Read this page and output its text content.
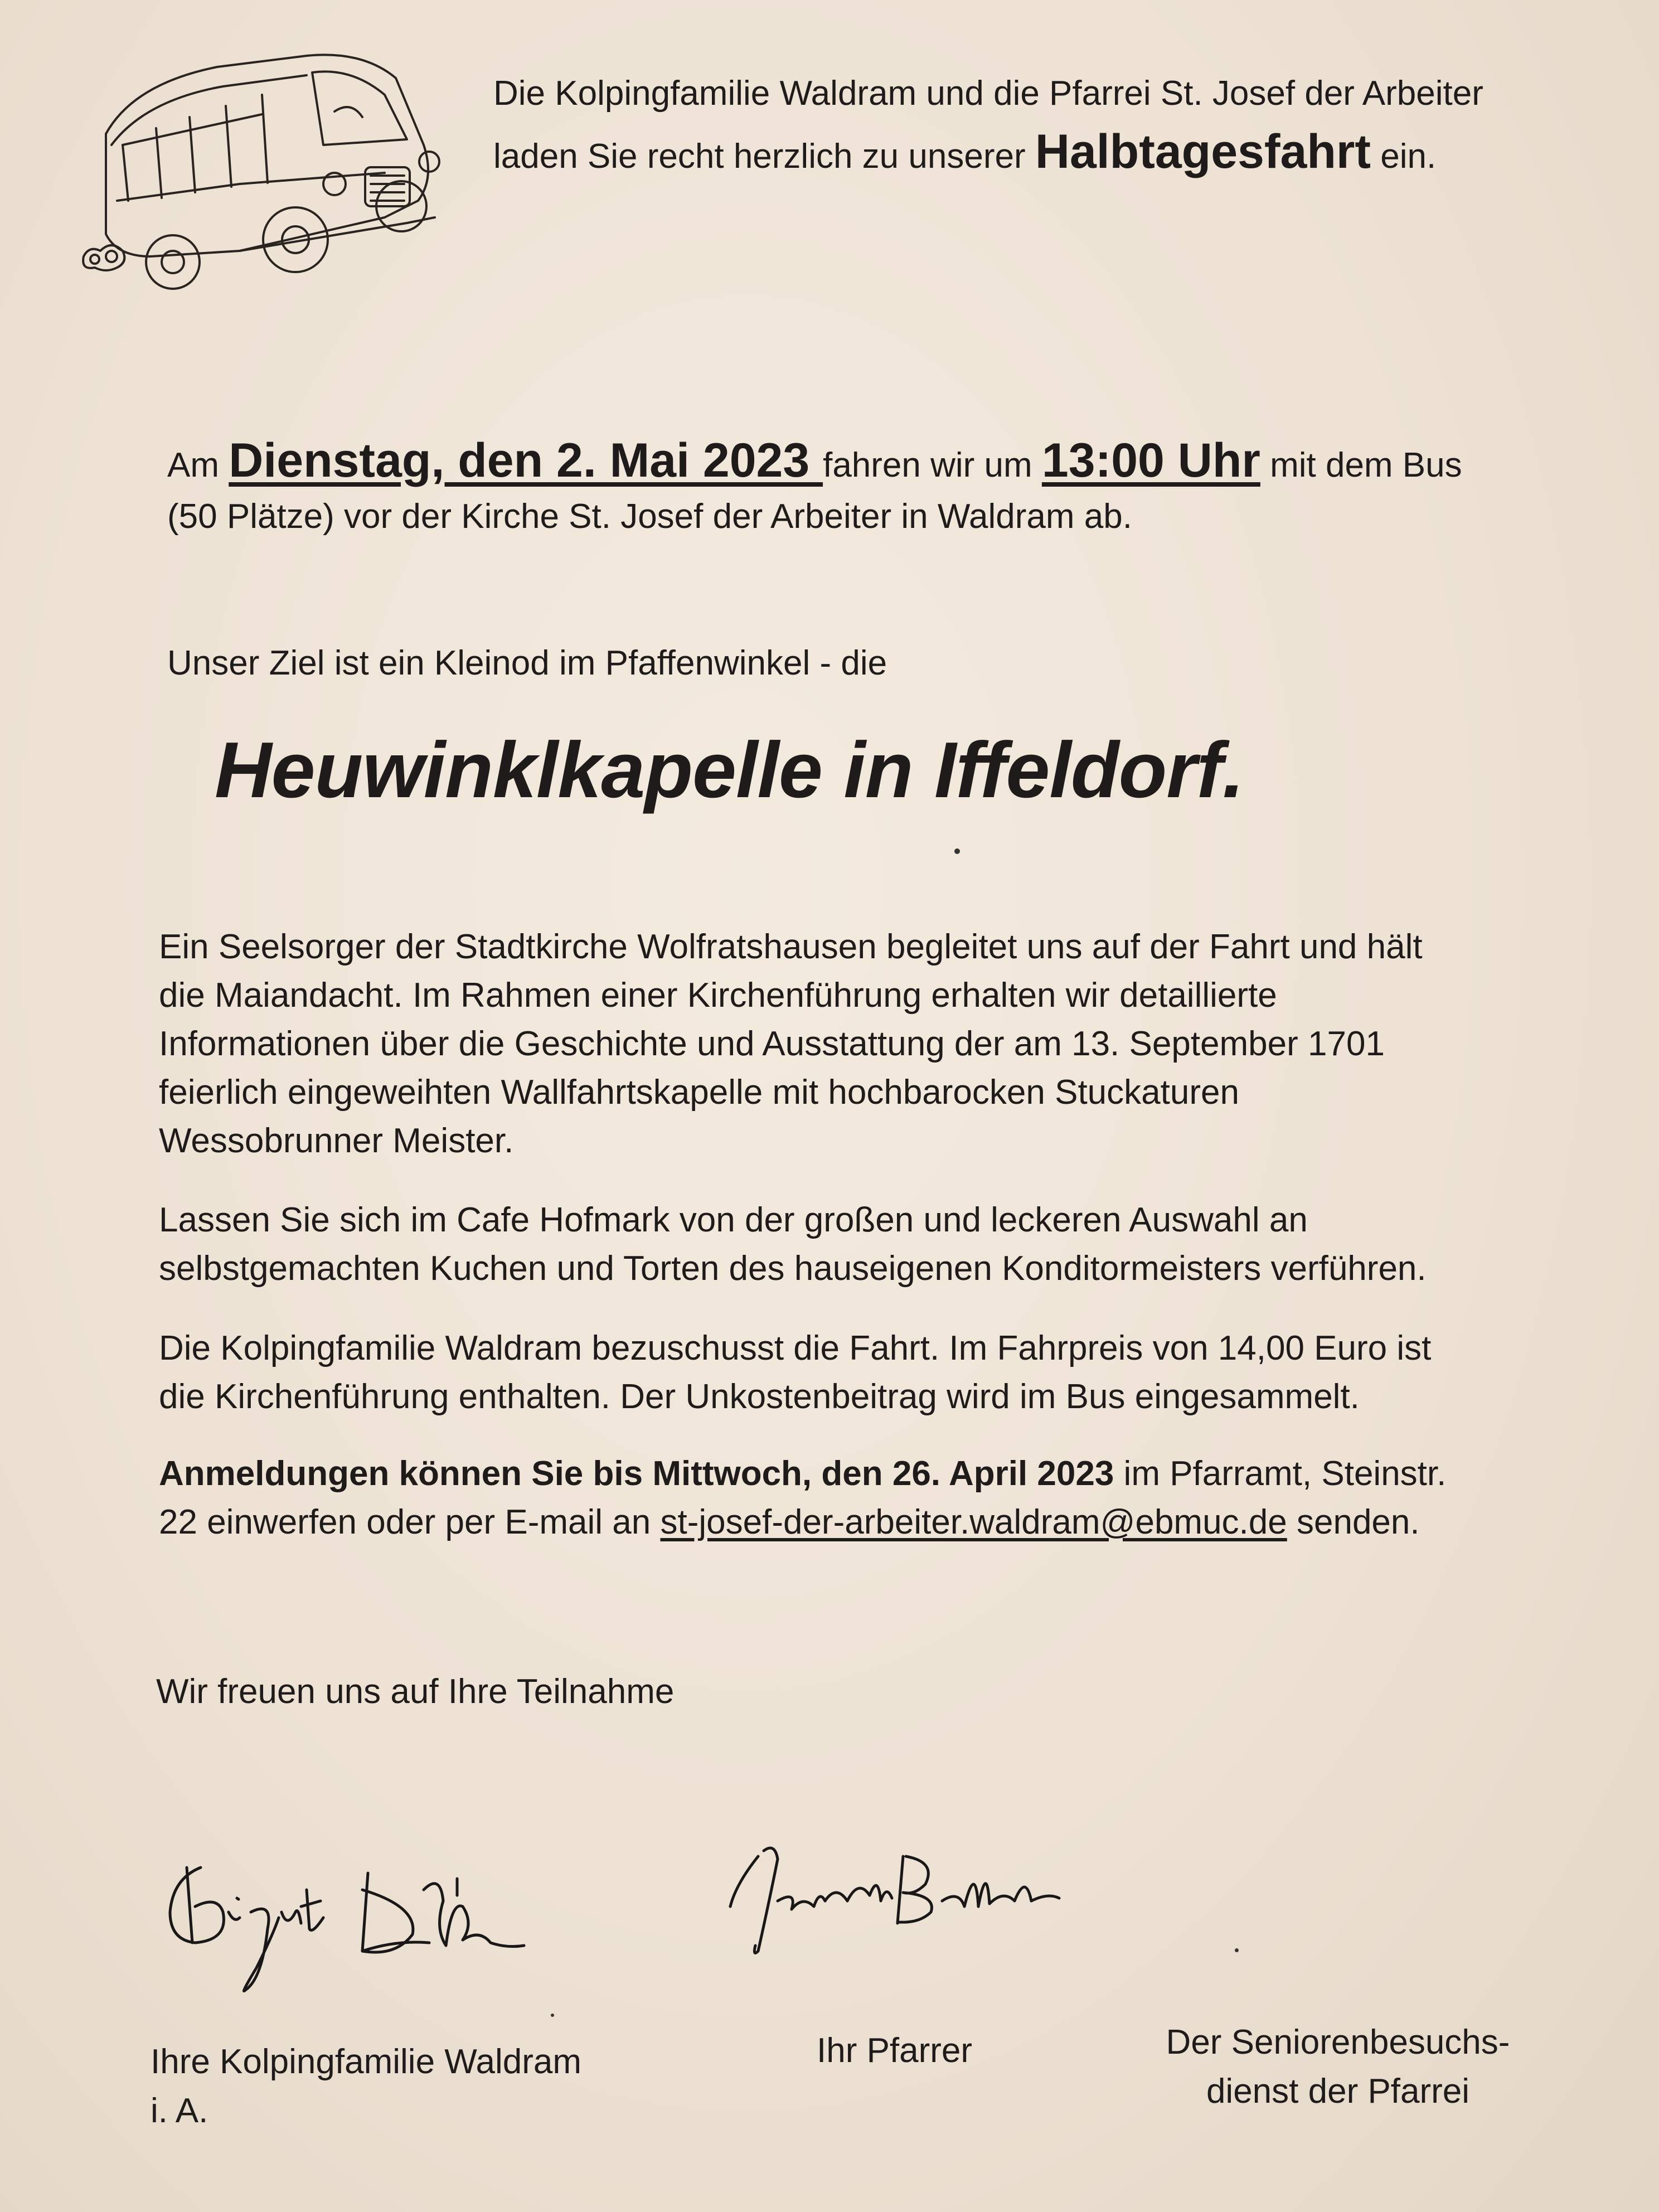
Die Kolpingfamilie Waldram und die Pfarrei St. Josef der Arbeiter
laden Sie recht herzlich zu unserer Halbtagesfahrt ein.
Am Dienstag, den 2. Mai 2023 fahren wir um 13:00 Uhr mit dem Bus
(50 Plätze) vor der Kirche St. Josef der Arbeiter in Waldram ab.
Unser Ziel ist ein Kleinod im Pfaffenwinkel - die
Heuwinklkapelle in Iffeldorf.
Ein Seelsorger der Stadtkirche Wolfratshausen begleitet uns auf der Fahrt und hält
die Maiandacht. Im Rahmen einer Kirchenführung erhalten wir detaillierte
Informationen über die Geschichte und Ausstattung der am 13. September 1701
feierlich eingeweihten Wallfahrtskapelle mit hochbarocken Stuckaturen
Wessobrunner Meister.
Lassen Sie sich im Cafe Hofmark von der großen und leckeren Auswahl an
selbstgemachten Kuchen und Torten des hauseigenen Konditormeisters verführen.
Die Kolpingfamilie Waldram bezuschusst die Fahrt. Im Fahrpreis von 14,00 Euro ist
die Kirchenführung enthalten. Der Unkostenbeitrag wird im Bus eingesammelt.
Anmeldungen können Sie bis Mittwoch, den 26. April 2023 im Pfarramt, Steinstr.
22 einwerfen oder per E-mail an st-josef-der-arbeiter.waldram@ebmuc.de senden.
Wir freuen uns auf Ihre Teilnahme
Ihre Kolpingfamilie Waldram
i. A.
Ihr Pfarrer	Der Seniorenbesuchs-
dienst der Pfarrei
